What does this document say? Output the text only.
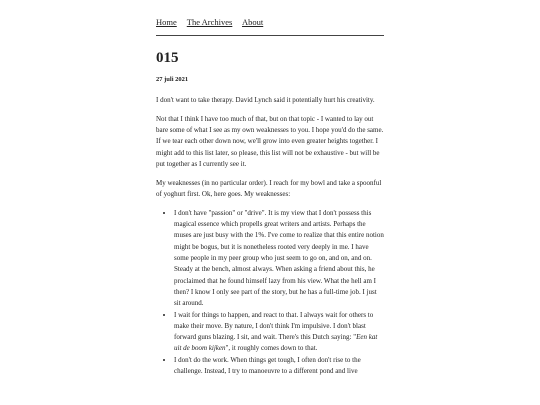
Home The Archives About
015
27 juli 2021

I don't want to take therapy. David Lynch said it potentially hurt his creativity.

Not that I think I have too much of that, but on that topic - I wanted to lay out bare some of what I see as my own weaknesses to you. I hope you'd do the same. If we tear each other down now, we'll grow into even greater heights together. I might add to this list later, so please, this list will not be exhaustive - but will be put together as I currently see it.

My weaknesses (in no particular order). I reach for my bowl and take a spoonful of yoghurt first. Ok, here goes. My weaknesses:

• I don't have "passion" or "drive". It is my view that I don't possess this magical essence which propells great writers and artists. Perhaps the muses are just busy with the 1%. I've come to realize that this entire notion might be bogus, but it is nonetheless rooted very deeply in me. I have some people in my peer group who just seem to go on, and on, and on. Steady at the bench, almost always. When asking a friend about this, he proclaimed that he found himself lazy from his view. What the hell am I then? I know I only see part of the story, but he has a full-time job. I just sit around.
• I wait for things to happen, and react to that. I always wait for others to make their move. By nature, I don't think I'm impulsive. I don't blast forward guns blazing. I sit, and wait. There's this Dutch saying: "Een kat uit de boom kijken", it roughly comes down to that.
• I don't do the work. When things get tough, I often don't rise to the challenge. Instead, I try to manoeuvre to a different pond and live
